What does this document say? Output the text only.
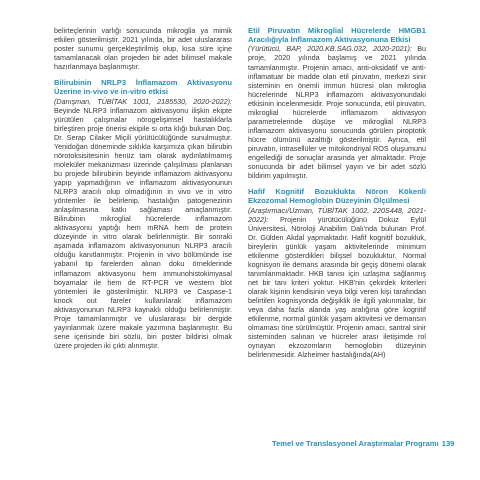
belirteçlerinin varlığı sonucunda mikroglia ya mimik etkileri gösterilmiştir. 2021 yılında, bir adet uluslararası poster sunumu gerçekleştirilmiş olup, kısa süre içine tamamlanacak olan projeden bir adet bilimsel makale hazırlanmaya başlanmıştır.

Bilirubinin NRLP3 İnflamazom Aktivasyonu Üzerine in-vivo ve in-vitro etkisi

(Danışman, TÜBİTAK 1001, 2185530, 2020-2022): Beyinde NLRP3 inflamazom aktivasyonu ilişkin ekipte yürütülen çalışmalar nörogelişimsel hastalıklarla birleştiren proje önerisi ekipile sı orta klığı bulunan Doç. Dr. Serap Cilaker Miçili yürütücülüğünde sunulmuştur. Yenidoğan döneminde sıklıkla karşımıza çıkan bilirubin nörotoksisitesinin henüz tam olarak aydınlatılmamış moleküler mekanizması üzerinde çalışılması planlanan bu projede bilirubinin beyinde inflamazom aktivasyonu yapıp yapmadığının ve inflamazom aktivasyonunun NLRP3 aracılı olup olmadığının in vivo ve in vitro yöntemler ile belirlenip, hastalığın patogenezinin anlaşılmasına katkı sağlaması amaçlanmıştır. Bilirubinin mikroglial hücrelerde inflamazom aktivasyonu yaptığı hem mRNA hem de protein düzeyinde in vitro olarak belirlenmiştir. Bir sonraki aşamada inflamazom aktivasyonunun NLRP3 aracılı olduğu kanıtlanmıştır. Projenin in vivo bölümünde ise yabanıl tip farelerden alınan doku örneklerinde inflamazom aktivasyonu hem immunohistokimyasal boyamalar ile hem de RT-PCR ve western blot yöntemleri ile gösterilmiştir. NLRP3 ve Caspase-1 knock out fareler kullanılarak inflamazom aktivasyonunun NLRP3 kaynaklı olduğu belirlenmiştir. Proje tamamlanmıştır ve uluslararası bir dergide yayınlanmak üzere makale yazımına başlanmıştır. Bu sene içerisinde biri sözlü, biri poster bildirisi olmak üzere projeden iki çıktı alınmıştır.

Etil Piruvatın Mikroglial Hücrelerde HMGB1 Aracılığıyla İnflamazom Aktivasyonuna Etkisi

(Yürütücü, BAP, 2020.KB.SAG.032, 2020-2021): Bu proje, 2020 yılında başlamış ve 2021 yılında tamamlanmıştır. Projenin amacı, anti-oksidatif ve anti-inflamatuar bir madde olan etil piruvatın, merkezi sinir sisteminin en önemli immun hücresi olan mikroglia hücrelerinde NLRP3 inflamazom aktivasyonundaki etkisinin incelenmesidir. Proje sonucunda, etil piruvatın, mikroglial hücrelerde inflamazom aktivasyon parametrelerinde düşüşe ve mikroglial NLRP3 inflamazom aktivasyonu sonucunda görülen piroptotik hücre ölümünü azalttığı gösterilmiştir. Ayrıca, etil piruvatın, intrasellüler ve mitokondriyal ROS oluşumunu engellediği de sonuçlar arasında yer almaktadır. Proje sonucunda bir adet bilimsel yayın ve bir adet sözlü bildirim yapılmıştır.

Hafif Kognitif Bozuklukta Nöron Kökenli Ekzozomal Hemoglobin Düzeyinin Ölçülmesi

(Araştırmacı/Uzman, TÜBİTAK 1002, 220S448, 2021-2022): Projenin yürütücülüğünü Dokuz Eylül Üniversitesi, Nöroloji Anabilim Dalı'nda bulunan Prof. Dr. Gülden Akdal yapmaktadır. Hafif kognitif bozukluk, bireylerin günlük yaşam aktivitelerinde minimum etkilenme gösterdikleri bilişsel bozukluktur. Normal kognisyon ile demans arasında bir geçiş dönemi olarak tanımlanmaktadır. HKB tanısı için uzlaşma sağlanmış net bir tanı kriteri yoktur. HKB'nin çekirdek kriterleri olarak kişinin kendisinin veya bilgi veren kişi tarafından belirtilen kognisyonda değişiklik ile ilgili yakınmalar, bir veya daha fazla alanda yaş aralığına göre kognitif etkilenme, normal günlük yaşam aktivitesi ve demansın olmaması öne sürülmüştür. Projenin amacı, santral sinir sisteminden salınan ve hücreler arası iletişimde rol oynayan ekzozomların hemoglobin düzeyinin belirlenmesidir. Alzheimer hastalığında(AH)

Temel ve Translasyonel Araştırmalar Programı 139
